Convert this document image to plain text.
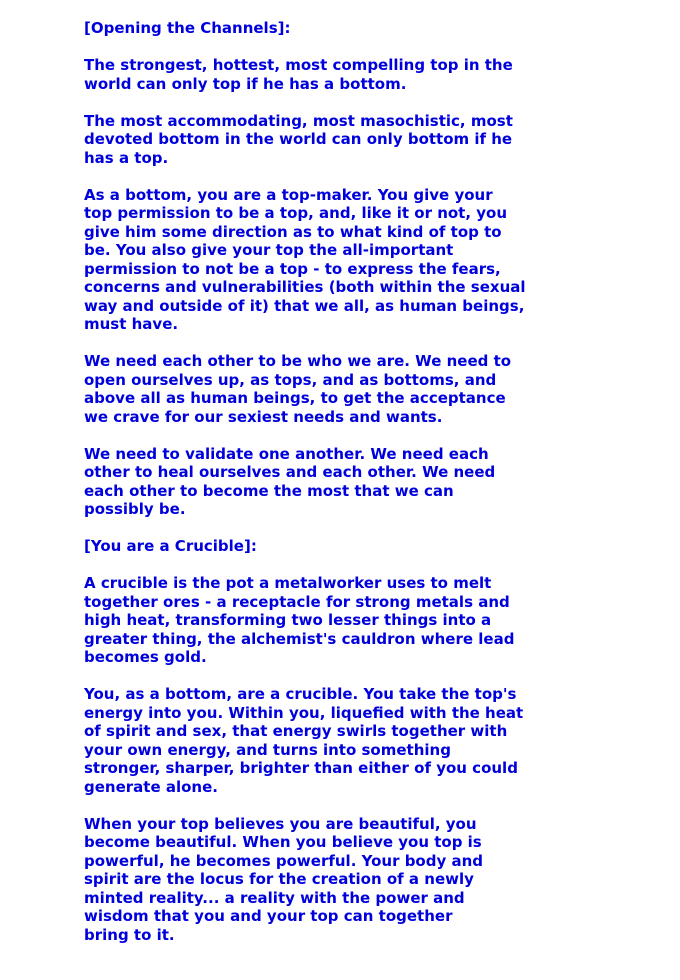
[Opening the Channels]:

The strongest, hottest, most compelling top in the
world can only top if he has a bottom.

The most accommodating, most masochistic, most
devoted bottom in the world can only bottom if he
has a top.

As a bottom, you are a top-maker. You give your
top permission to be a top, and, like it or not, you
give him some direction as to what kind of top to
be. You also give your top the all-important
permission to not be a top - to express the fears,
concerns and vulnerabilities (both within the sexual
way and outside of it) that we all, as human beings,
must have.

We need each other to be who we are. We need to
open ourselves up, as tops, and as bottoms, and
above all as human beings, to get the acceptance
we crave for our sexiest needs and wants.

We need to validate one another. We need each
other to heal ourselves and each other. We need
each other to become the most that we can
possibly be.

[You are a Crucible]:

A crucible is the pot a metalworker uses to melt
together ores - a receptacle for strong metals and
high heat, transforming two lesser things into a
greater thing, the alchemist's cauldron where lead
becomes gold.

You, as a bottom, are a crucible. You take the top's
energy into you. Within you, liquefied with the heat
of spirit and sex, that energy swirls together with
your own energy, and turns into something
stronger, sharper, brighter than either of you could
generate alone.

When your top believes you are beautiful, you
become beautiful. When you believe you top is
powerful, he becomes powerful. Your body and
spirit are the locus for the creation of a newly
minted reality... a reality with the power and
wisdom that you and your top can together
bring to it.
